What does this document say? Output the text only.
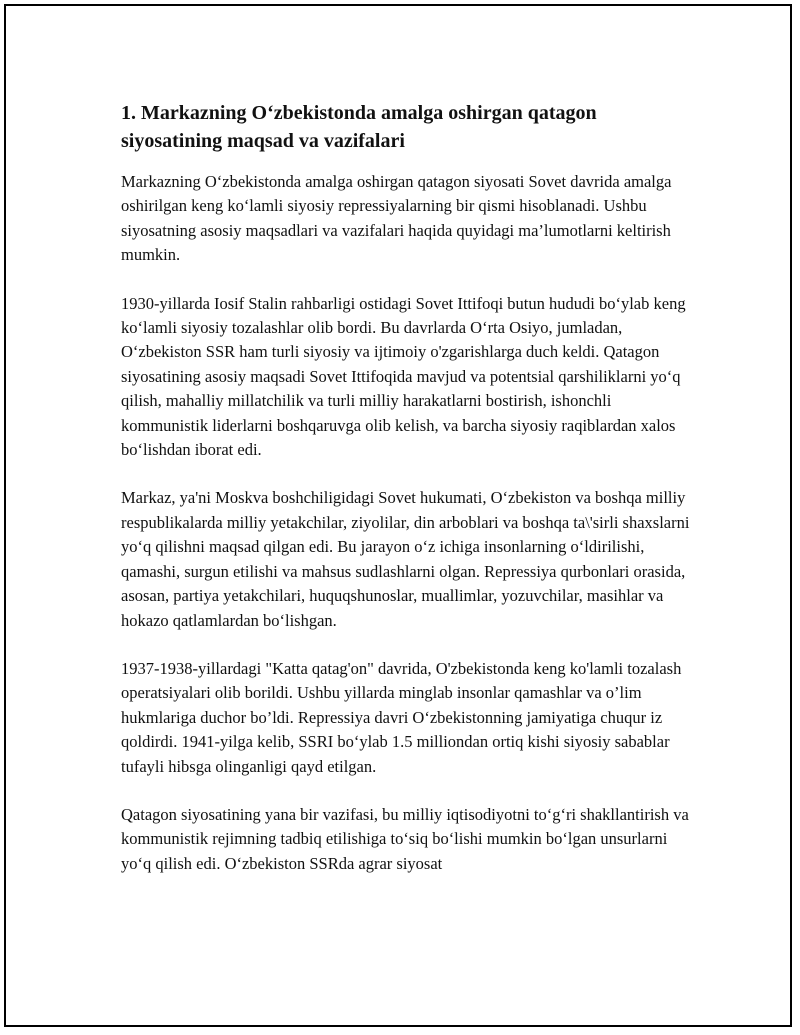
1. Markazning O‘zbekistonda amalga oshirgan qatagon siyosatining maqsad va vazifalari

Markazning O‘zbekistonda amalga oshirgan qatagon siyosati Sovet davrida amalga oshirilgan keng ko‘lamli siyosiy repressiyalarning bir qismi hisoblanadi. Ushbu siyosatning asosiy maqsadlari va vazifalari haqida quyidagi ma’lumotlarni keltirish mumkin.

1930-yillarda Iosif Stalin rahbarligi ostidagi Sovet Ittifoqi butun hududi bo‘ylab keng ko‘lamli siyosiy tozalashlar olib bordi. Bu davrlarda O‘rta Osiyo, jumladan, O‘zbekiston SSR ham turli siyosiy va ijtimoiy o'zgarishlarga duch keldi. Qatagon siyosatining asosiy maqsadi Sovet Ittifoqida mavjud va potentsial qarshiliklarni yo‘q qilish, mahalliy millatchilik va turli milliy harakatlarni bostirish, ishonchli kommunistik liderlarni boshqaruvga olib kelish, va barcha siyosiy raqiblardan xalos bo‘lishdan iborat edi.

Markaz, ya'ni Moskva boshchiligidagi Sovet hukumati, O‘zbekiston va boshqa milliy respublikalarda milliy yetakchilar, ziyolilar, din arboblari va boshqa ta\'sirli shaxslarni yo‘q qilishni maqsad qilgan edi. Bu jarayon o‘z ichiga insonlarning o‘ldirilishi, qamashi, surgun etilishi va mahsus sudlashlarni olgan. Repressiya qurbonlari orasida, asosan, partiya yetakchilari, huquqshunoslar, muallimlar, yozuvchilar, masihlar va hokazo qatlamlardan bo‘lishgan.

1937-1938-yillardagi "Katta qatag'on" davrida, O'zbekistonda keng ko'lamli tozalash operatsiyalari olib borildi. Ushbu yillarda minglab insonlar qamashlar va o’lim hukmlariga duchor bo’ldi. Repressiya davri O‘zbekistonning jamiyatiga chuqur iz qoldirdi. 1941-yilga kelib, SSRI bo‘ylab 1.5 milliondan ortiq kishi siyosiy sabablar tufayli hibsga olinganligi qayd etilgan.

Qatagon siyosatining yana bir vazifasi, bu milliy iqtisodiyotni to‘g‘ri shakllantirish va kommunistik rejimning tadbiq etilishiga to‘siq bo‘lishi mumkin bo‘lgan unsurlarni yo‘q qilish edi. O‘zbekiston SSRda agrar siyosat
